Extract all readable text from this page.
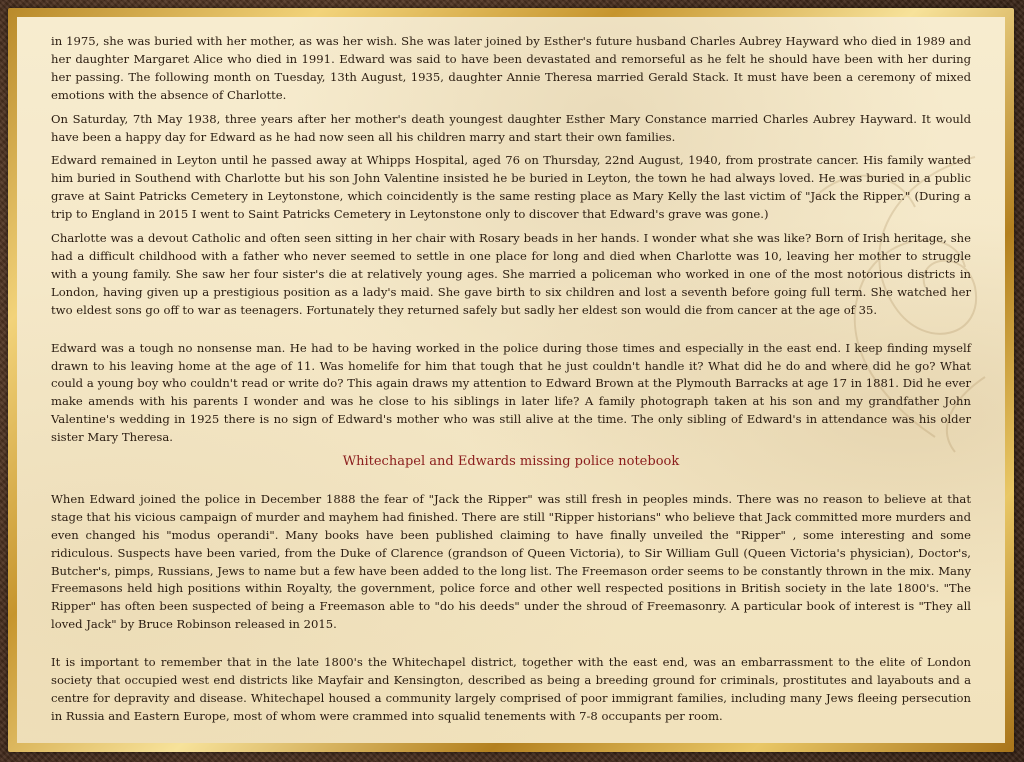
in 1975, she was buried with her mother, as was her wish. She was later joined by Esther's future husband Charles Aubrey Hayward who died in 1989 and her daughter Margaret Alice who died in 1991. Edward was said to have been devastated and remorseful as he felt he should have been with her during her passing. The following month on Tuesday, 13th August, 1935, daughter Annie Theresa married Gerald Stack. It must have been a ceremony of mixed emotions with the absence of Charlotte.

On Saturday, 7th May 1938, three years after her mother's death youngest daughter Esther Mary Constance married Charles Aubrey Hayward. It would have been a happy day for Edward as he had now seen all his children marry and start their own families.

Edward remained in Leyton until he passed away at Whipps Hospital, aged 76 on Thursday, 22nd August, 1940, from prostrate cancer. His family wanted him buried in Southend with Charlotte but his son John Valentine insisted he be buried in Leyton, the town he had always loved. He was buried in a public grave at Saint Patricks Cemetery in Leytonstone, which coincidently is the same resting place as Mary Kelly the last victim of "Jack the Ripper." (During a trip to England in 2015 I went to Saint Patricks Cemetery in Leytonstone only to discover that Edward's grave was gone.)

Charlotte was a devout Catholic and often seen sitting in her chair with Rosary beads in her hands. I wonder what she was like? Born of Irish heritage, she had a difficult childhood with a father who never seemed to settle in one place for long and died when Charlotte was 10, leaving her mother to struggle with a young family. She saw her four sister's die at relatively young ages. She married a policeman who worked in one of the most notorious districts in London, having given up a prestigious position as a lady's maid. She gave birth to six children and lost a seventh before going full term. She watched her two eldest sons go off to war as teenagers. Fortunately they returned safely but sadly her eldest son would die from cancer at the age of 35.

Edward was a tough no nonsense man. He had to be having worked in the police during those times and especially in the east end. I keep finding myself drawn to his leaving home at the age of 11. Was homelife for him that tough that he just couldn't handle it? What did he do and where did he go? What could a young boy who couldn't read or write do? This again draws my attention to Edward Brown at the Plymouth Barracks at age 17 in 1881. Did he ever make amends with his parents I wonder and was he close to his siblings in later life? A family photograph taken at his son and my grandfather John Valentine's wedding in 1925 there is no sign of Edward's mother who was still alive at the time. The only sibling of Edward's in attendance was his older sister Mary Theresa.

Whitechapel and Edwards missing police notebook

When Edward joined the police in December 1888 the fear of "Jack the Ripper" was still fresh in peoples minds. There was no reason to believe at that stage that his vicious campaign of murder and mayhem had finished. There are still "Ripper historians" who believe that Jack committed more murders and even changed his "modus operandi". Many books have been published claiming to have finally unveiled the "Ripper" , some interesting and some ridiculous. Suspects have been varied, from the Duke of Clarence (grandson of Queen Victoria), to Sir William Gull (Queen Victoria's physician), Doctor's, Butcher's, pimps, Russians, Jews to name but a few have been added to the long list. The Freemason order seems to be constantly thrown in the mix. Many Freemasons held high positions within Royalty, the government, police force and other well respected positions in British society in the late 1800's. "The Ripper" has often been suspected of being a Freemason able to "do his deeds" under the shroud of Freemasonry. A particular book of interest is "They all loved Jack" by Bruce Robinson released in 2015.

It is important to remember that in the late 1800's the Whitechapel district, together with the east end, was an embarrassment to the elite of London society that occupied west end districts like Mayfair and Kensington, described as being a breeding ground for criminals, prostitutes and layabouts and a centre for depravity and disease. Whitechapel housed a community largely comprised of poor immigrant families, including many Jews fleeing persecution in Russia and Eastern Europe, most of whom were crammed into squalid tenements with 7-8 occupants per room.
